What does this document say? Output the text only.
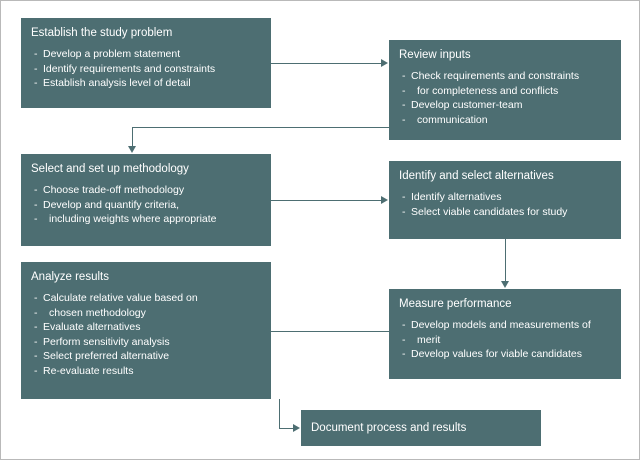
Establish the study problem
- Develop a problem statement
- Identify requirements and constraints
- Establish analysis level of detail
Review inputs
- Check requirements and constraints
- for completeness and conflicts
- Develop customer-team
- communication
Select and set up methodology
- Choose trade-off methodology
- Develop and quantify criteria,
- including weights where appropriate
Identify and select alternatives
- Identify alternatives
- Select viable candidates for study
Analyze results
- Calculate relative value based on
- chosen methodology
- Evaluate alternatives
- Perform sensitivity analysis
- Select preferred alternative
- Re-evaluate results
Measure performance
- Develop models and measurements of
- merit
- Develop values for viable candidates
Document process and results
